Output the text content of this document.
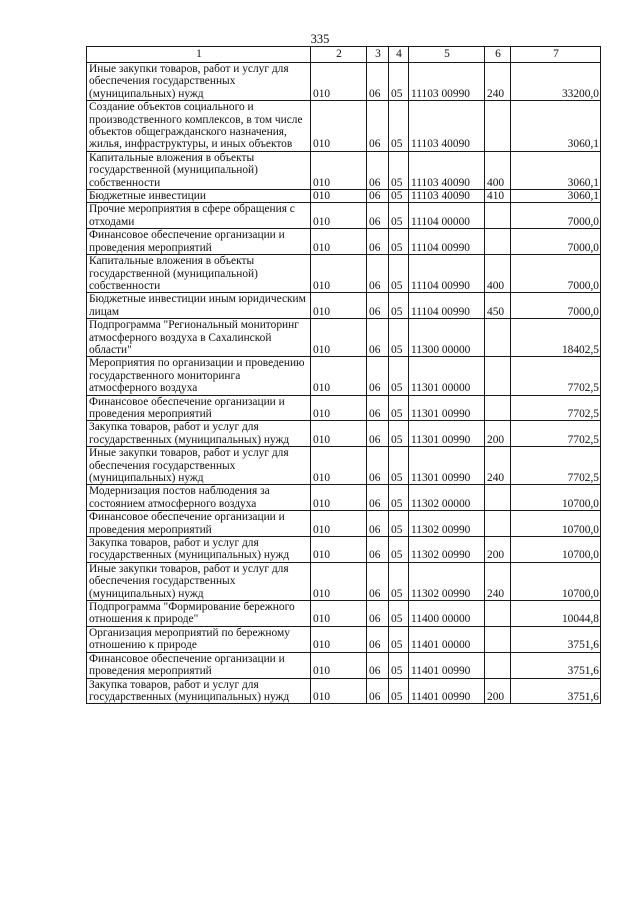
335
1	2	3	4	5	6	7
Иные закупки товаров, работ и услуг для обеспечения государственных (муниципальных) нужд	010	06	05	11103 00990	240	33200,0
Создание объектов социального и производственного комплексов, в том числе объектов общегражданского назначения, жилья, инфраструктуры, и иных объектов	010	06	05	11103 40090		3060,1
Капитальные вложения в объекты государственной (муниципальной) собственности	010	06	05	11103 40090	400	3060,1
Бюджетные инвестиции	010	06	05	11103 40090	410	3060,1
Прочие мероприятия в сфере обращения с отходами	010	06	05	11104 00000		7000,0
Финансовое обеспечение организации и проведения мероприятий	010	06	05	11104 00990		7000,0
Капитальные вложения в объекты государственной (муниципальной) собственности	010	06	05	11104 00990	400	7000,0
Бюджетные инвестиции иным юридическим лицам	010	06	05	11104 00990	450	7000,0
Подпрограмма "Региональный мониторинг атмосферного воздуха в Сахалинской области"	010	06	05	11300 00000		18402,5
Мероприятия по организации и проведению государственного мониторинга атмосферного воздуха	010	06	05	11301 00000		7702,5
Финансовое обеспечение организации и проведения мероприятий	010	06	05	11301 00990		7702,5
Закупка товаров, работ и услуг для государственных (муниципальных) нужд	010	06	05	11301 00990	200	7702,5
Иные закупки товаров, работ и услуг для обеспечения государственных (муниципальных) нужд	010	06	05	11301 00990	240	7702,5
Модернизация постов наблюдения за состоянием атмосферного воздуха	010	06	05	11302 00000		10700,0
Финансовое обеспечение организации и проведения мероприятий	010	06	05	11302 00990		10700,0
Закупка товаров, работ и услуг для государственных (муниципальных) нужд	010	06	05	11302 00990	200	10700,0
Иные закупки товаров, работ и услуг для обеспечения государственных (муниципальных) нужд	010	06	05	11302 00990	240	10700,0
Подпрограмма "Формирование бережного отношения к природе"	010	06	05	11400 00000		10044,8
Организация мероприятий по бережному отношению к природе	010	06	05	11401 00000		3751,6
Финансовое обеспечение организации и проведения мероприятий	010	06	05	11401 00990		3751,6
Закупка товаров, работ и услуг для государственных (муниципальных) нужд	010	06	05	11401 00990	200	3751,6
